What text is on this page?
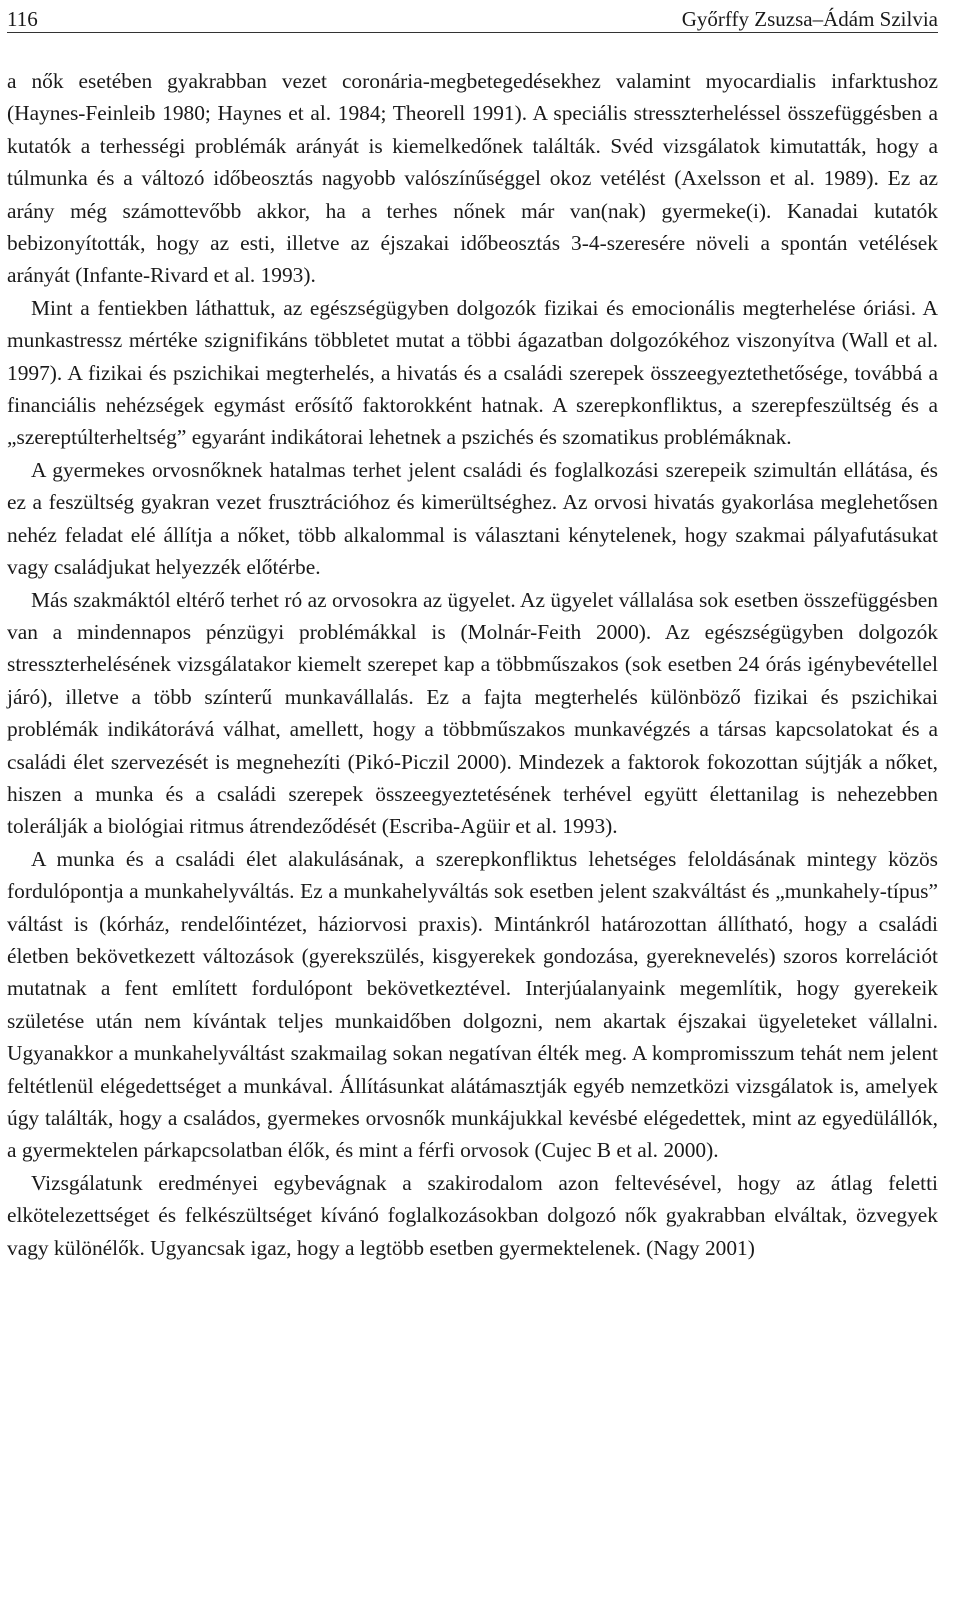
116	Győrffy Zsuzsa–Ádám Szilvia

a nők esetében gyakrabban vezet coronária-megbetegedésekhez valamint myocardialis infarktushoz (Haynes-Feinleib 1980; Haynes et al. 1984; Theorell 1991). A speciális stresszterheléssel összefüggésben a kutatók a terhességi problémák arányát is kiemelkedőnek találták. Svéd vizsgálatok kimutatták, hogy a túlmunka és a változó időbeosztás nagyobb valószínűséggel okoz vetélést (Axelsson et al. 1989). Ez az arány még számottevőbb akkor, ha a terhes nőnek már van(nak) gyermeke(i). Kanadai kutatók bebizonyították, hogy az esti, illetve az éjszakai időbeosztás 3-4-szeresére növeli a spontán vetélések arányát (Infante-Rivard et al. 1993).

Mint a fentiekben láthattuk, az egészségügyben dolgozók fizikai és emocionális megterhelése óriási. A munkastressz mértéke szignifikáns többletet mutat a többi ágazatban dolgozókéhoz viszonyítva (Wall et al. 1997). A fizikai és pszichikai megterhelés, a hivatás és a családi szerepek összeegyeztethetősége, továbbá a financiális nehézségek egymást erősítő faktorokként hatnak. A szerepkonfliktus, a szerepfeszültség és a „szereptúlterheltség” egyaránt indikátorai lehetnek a pszichés és szomatikus problémáknak.

A gyermekes orvosnőknek hatalmas terhet jelent családi és foglalkozási szerepeik szimultán ellátása, és ez a feszültség gyakran vezet frusztrációhoz és kimerültséghez. Az orvosi hivatás gyakorlása meglehetősen nehéz feladat elé állítja a nőket, több alkalommal is választani kénytelenek, hogy szakmai pályafutásukat vagy családjukat helyezzék előtérbe.

Más szakmáktól eltérő terhet ró az orvosokra az ügyelet. Az ügyelet vállalása sok esetben összefüggésben van a mindennapos pénzügyi problémákkal is (Molnár-Feith 2000). Az egészségügyben dolgozók stresszterhelésének vizsgálatakor kiemelt szerepet kap a többműszakos (sok esetben 24 órás igénybevétellel járó), illetve a több színterű munkavállalás. Ez a fajta megterhelés különböző fizikai és pszichikai problémák indikátorává válhat, amellett, hogy a többműszakos munkavégzés a társas kapcsolatokat és a családi élet szervezését is megnehezíti (Pikó-Piczil 2000). Mindezek a faktorok fokozottan sújtják a nőket, hiszen a munka és a családi szerepek összeegyeztetésének terhével együtt élettanilag is nehezebben tolerálják a biológiai ritmus átrendeződését (Escriba-Agüir et al. 1993).

A munka és a családi élet alakulásának, a szerepkonfliktus lehetséges feloldásának mintegy közös fordulópontja a munkahelyváltás. Ez a munkahelyváltás sok esetben jelent szakváltást és „munkahely-típus” váltást is (kórház, rendelőintézet, háziorvosi praxis). Mintánkról határozottan állítható, hogy a családi életben bekövetkezett változások (gyerekszülés, kisgyerekek gondozása, gyereknevelés) szoros korrelációt mutatnak a fent említett fordulópont bekövetkeztével. Interjúalanyaink megemlítik, hogy gyerekeik születése után nem kívántak teljes munkaidőben dolgozni, nem akartak éjszakai ügyeleteket vállalni. Ugyanakkor a munkahelyváltást szakmailag sokan negatívan élték meg. A kompromisszum tehát nem jelent feltétlenül elégedettséget a munkával. Állításunkat alátámasztják egyéb nemzetközi vizsgálatok is, amelyek úgy találták, hogy a családos, gyermekes orvosnők munkájukkal kevésbé elégedettek, mint az egyedülállók, a gyermektelen párkapcsolatban élők, és mint a férfi orvosok (Cujec B et al. 2000).

Vizsgálatunk eredményei egybevágnak a szakirodalom azon feltevésével, hogy az átlag feletti elkötelezettséget és felkészültséget kívánó foglalkozásokban dolgozó nők gyakrabban elváltak, özvegyek vagy különélők. Ugyancsak igaz, hogy a legtöbb esetben gyermektelenek. (Nagy 2001)
